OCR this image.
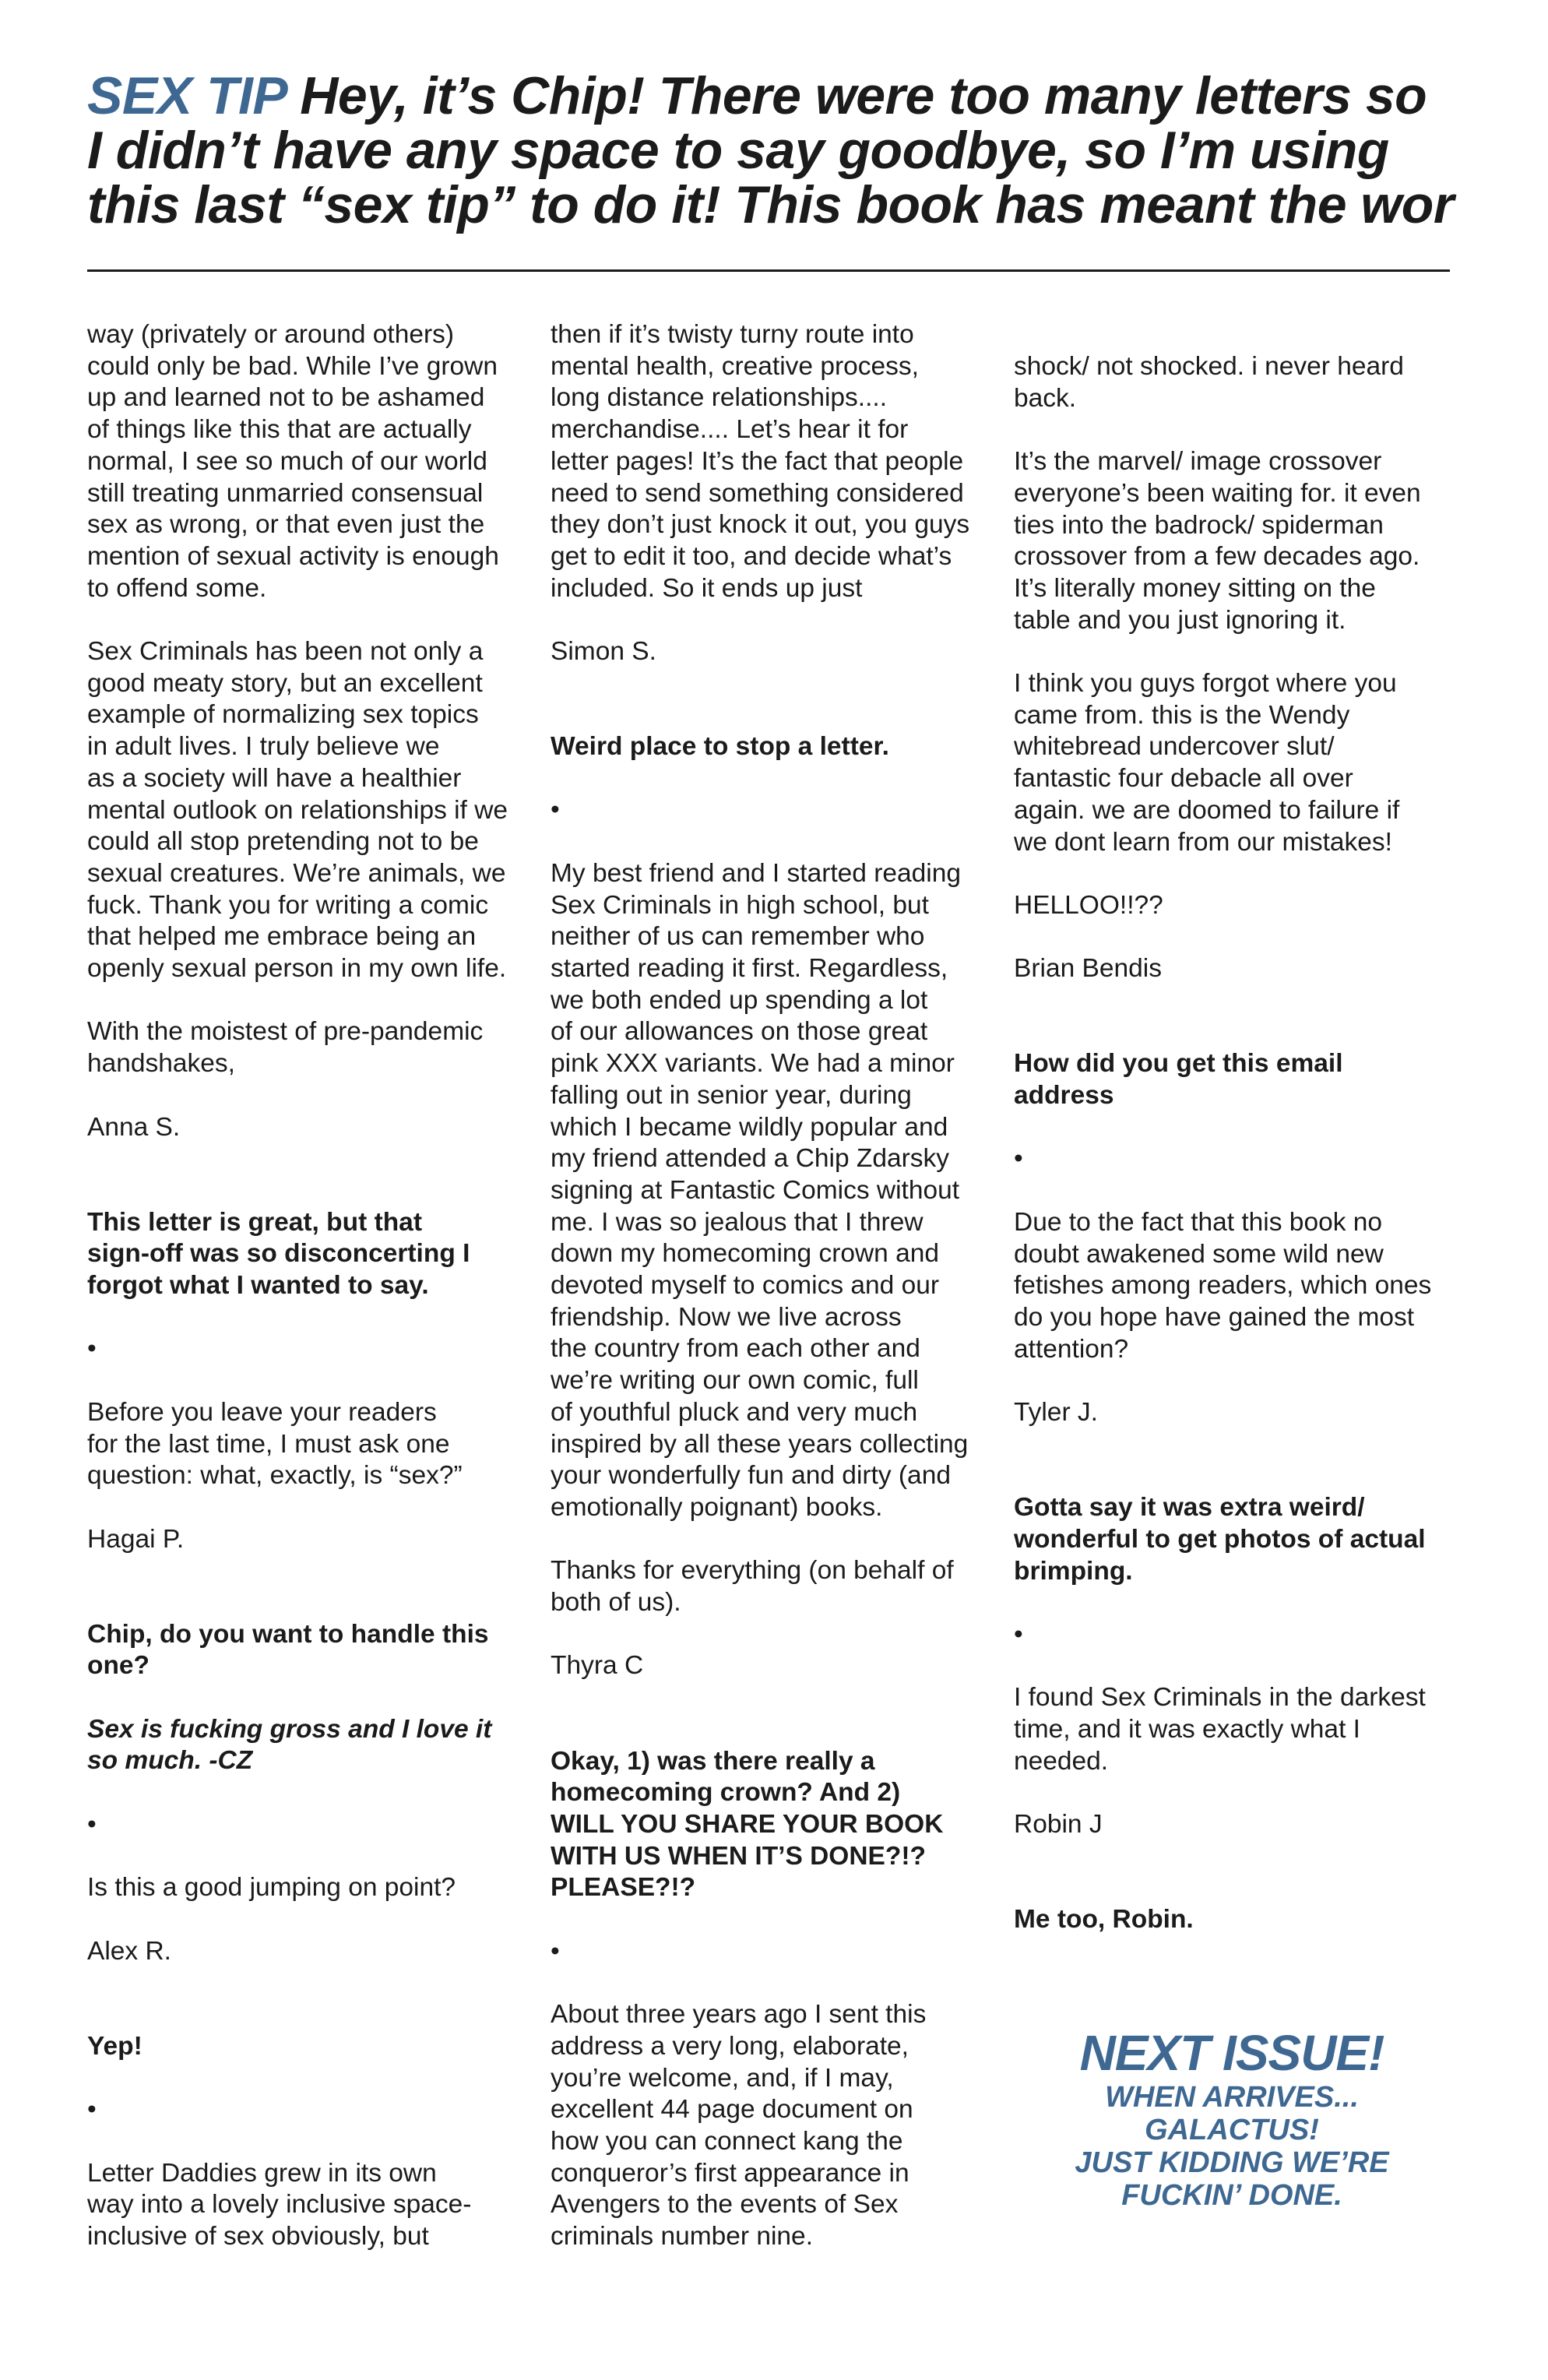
SEX TIP Hey, it’s Chip! There were too many letters so
I didn’t have any space to say goodbye, so I’m using
this last “sex tip” to do it! This book has meant the wor
way (privately or around others)
could only be bad. While I’ve grown
up and learned not to be ashamed
of things like this that are actually
normal, I see so much of our world
still treating unmarried consensual
sex as wrong, or that even just the
mention of sexual activity is enough
to offend some.
Sex Criminals has been not only a
good meaty story, but an excellent
example of normalizing sex topics
in adult lives. I truly believe we
as a society will have a healthier
mental outlook on relationships if we
could all stop pretending not to be
sexual creatures. We’re animals, we
fuck. Thank you for writing a comic
that helped me embrace being an
openly sexual person in my own life.
With the moistest of pre-pandemic
handshakes,
Anna S.
This letter is great, but that
sign-off was so disconcerting I
forgot what I wanted to say.
•
Before you leave your readers
for the last time, I must ask one
question: what, exactly, is “sex?”
Hagai P.
Chip, do you want to handle this
one?
Sex is fucking gross and I love it
so much. -CZ
•
Is this a good jumping on point?
Alex R.
Yep!
•
Letter Daddies grew in its own
way into a lovely inclusive space-
inclusive of sex obviously, but
then if it’s twisty turny route into
mental health, creative process,
long distance relationships....
merchandise.... Let’s hear it for
letter pages! It’s the fact that people
need to send something considered
they don’t just knock it out, you guys
get to edit it too, and decide what’s
included. So it ends up just
Simon S.
Weird place to stop a letter.
•
My best friend and I started reading
Sex Criminals in high school, but
neither of us can remember who
started reading it first. Regardless,
we both ended up spending a lot
of our allowances on those great
pink XXX variants. We had a minor
falling out in senior year, during
which I became wildly popular and
my friend attended a Chip Zdarsky
signing at Fantastic Comics without
me. I was so jealous that I threw
down my homecoming crown and
devoted myself to comics and our
friendship. Now we live across
the country from each other and
we’re writing our own comic, full
of youthful pluck and very much
inspired by all these years collecting
your wonderfully fun and dirty (and
emotionally poignant) books.
Thanks for everything (on behalf of
both of us).
Thyra C
Okay, 1) was there really a
homecoming crown? And 2)
WILL YOU SHARE YOUR BOOK
WITH US WHEN IT’S DONE?!?
PLEASE?!?
•
About three years ago I sent this
address a very long, elaborate,
you’re welcome, and, if I may,
excellent 44 page document on
how you can connect kang the
conqueror’s first appearance in
Avengers to the events of Sex
criminals number nine.
shock/ not shocked. i never heard
back.
It’s the marvel/ image crossover
everyone’s been waiting for. it even
ties into the badrock/ spiderman
crossover from a few decades ago.
It’s literally money sitting on the
table and you just ignoring it.
I think you guys forgot where you
came from. this is the Wendy
whitebread undercover slut/
fantastic four debacle all over
again. we are doomed to failure if
we dont learn from our mistakes!
HELLOO!!??
Brian Bendis
How did you get this email
address
•
Due to the fact that this book no
doubt awakened some wild new
fetishes among readers, which ones
do you hope have gained the most
attention?
Tyler J.
Gotta say it was extra weird/
wonderful to get photos of actual
brimping.
•
I found Sex Criminals in the darkest
time, and it was exactly what I
needed.
Robin J
Me too, Robin.
NEXT ISSUE!
WHEN ARRIVES...
GALACTUS!
JUST KIDDING WE’RE
FUCKIN’ DONE.
